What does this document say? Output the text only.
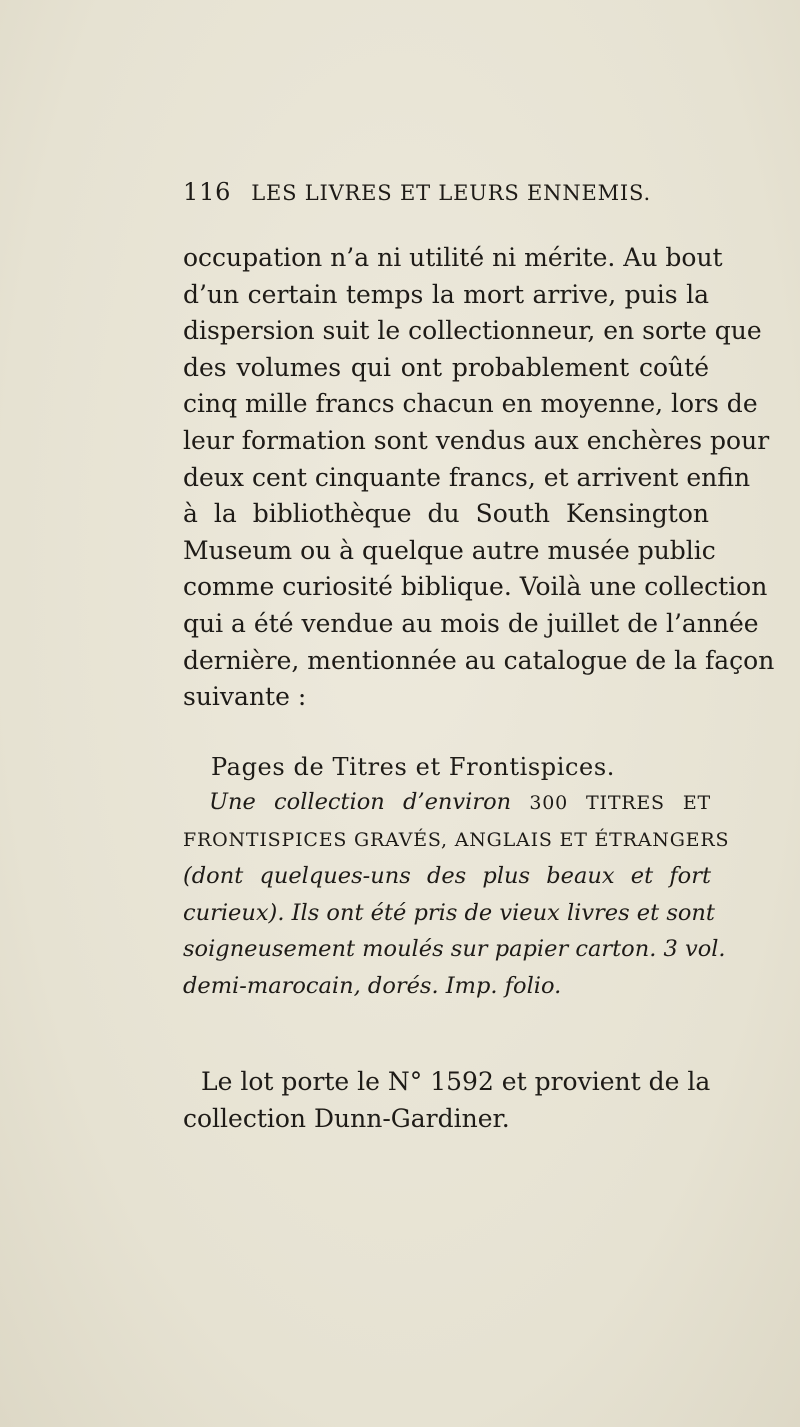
116 LES LIVRES ET LEURS ENNEMIS.
occupation n’a ni utilité ni mérite. Au bout
d’un certain temps la mort arrive, puis la
dispersion suit le collectionneur, en sorte que
des volumes qui ont probablement coûté
cinq mille francs chacun en moyenne, lors de
leur formation sont vendus aux enchères pour
deux cent cinquante francs, et arrivent enfin
à la bibliothèque du South Kensington
Museum ou à quelque autre musée public
comme curiosité biblique. Voilà une collection
qui a été vendue au mois de juillet de l’année
dernière, mentionnée au catalogue de la façon
suivante :
Pages de Titres et Frontispices.
Une collection d’environ 300 TITRES ET
FRONTISPICES GRAVÉS, ANGLAIS ET ÉTRANGERS
(dont quelques-uns des plus beaux et fort
curieux). Ils ont été pris de vieux livres et sont
soigneusement moulés sur papier carton. 3 vol.
demi-marocain, dorés. Imp. folio.
Le lot porte le N° 1592 et provient de la
collection Dunn-Gardiner.
